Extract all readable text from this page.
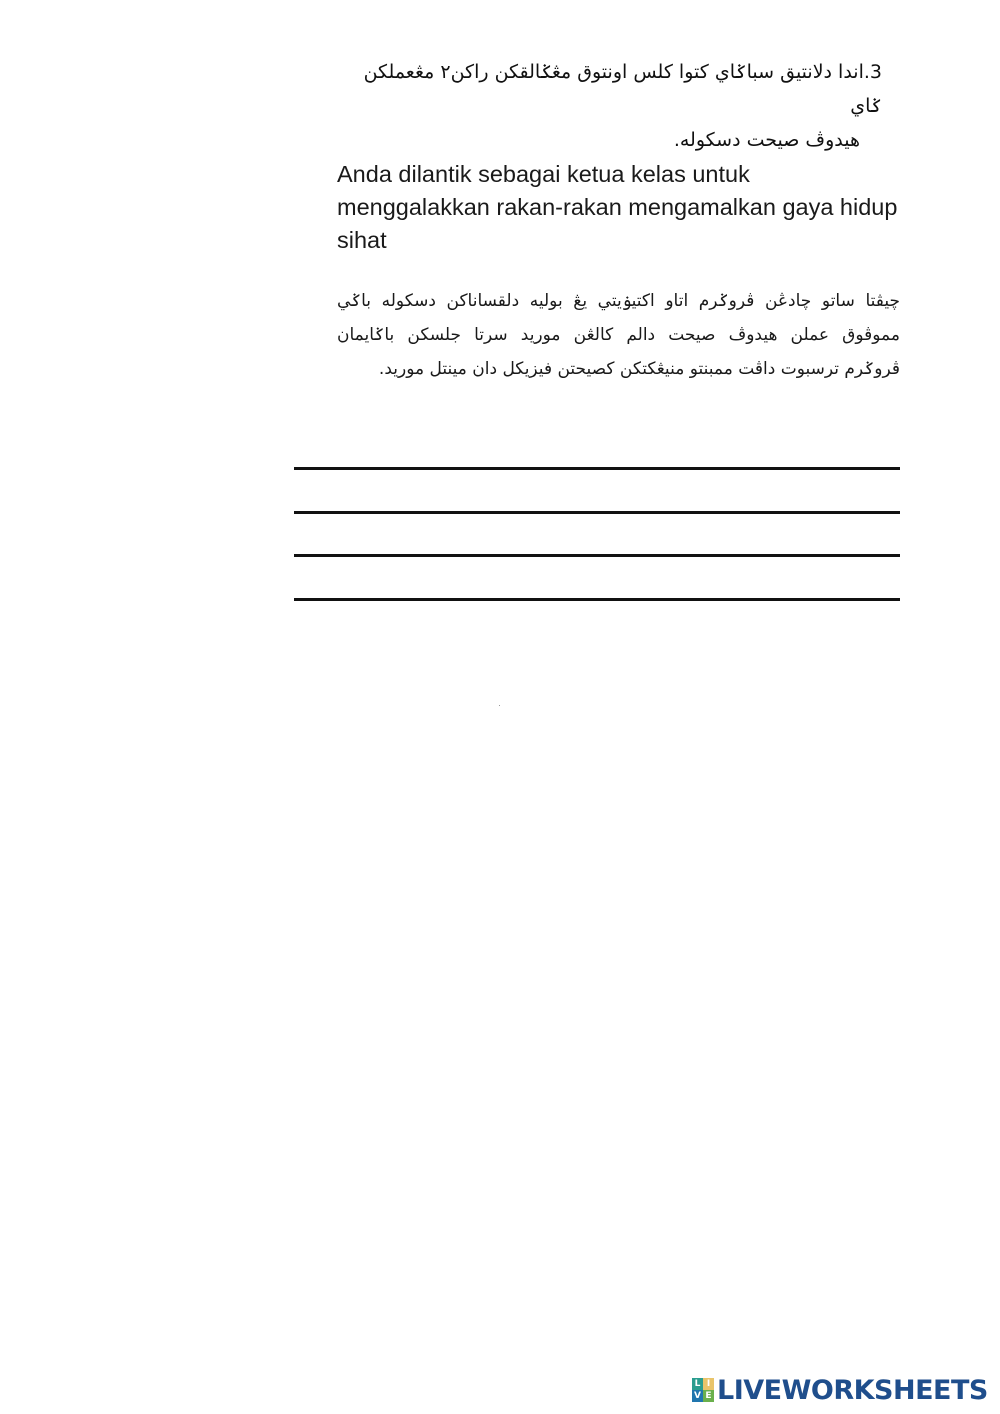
3.اندا دلانتيق سباݢاي كتوا كلس اونتوق مڠݢالقكن راكن٢ مڠعملكن ݢاي
هيدوڤ صيحت دسكوله.
Anda dilantik sebagai ketua kelas untuk menggalakkan rakan-rakan mengamalkan gaya hidup sihat
چيڤتا ساتو چادڠن ڤروݢرم اتاو اكتيۏيتي يڠ بوليه دلقساناكن دسكوله باݢي
مموڤوق عملن هيدوڤ صيحت دالم كالڠن موريد سرتا جلسكن باݢايمان
ڤروݢرم ترسبوت داڤت ممبنتو منيڠكتكن كصيحتن فيزيكل دان مينتل موريد.
L I
V E LIVEWORKSHEETS
